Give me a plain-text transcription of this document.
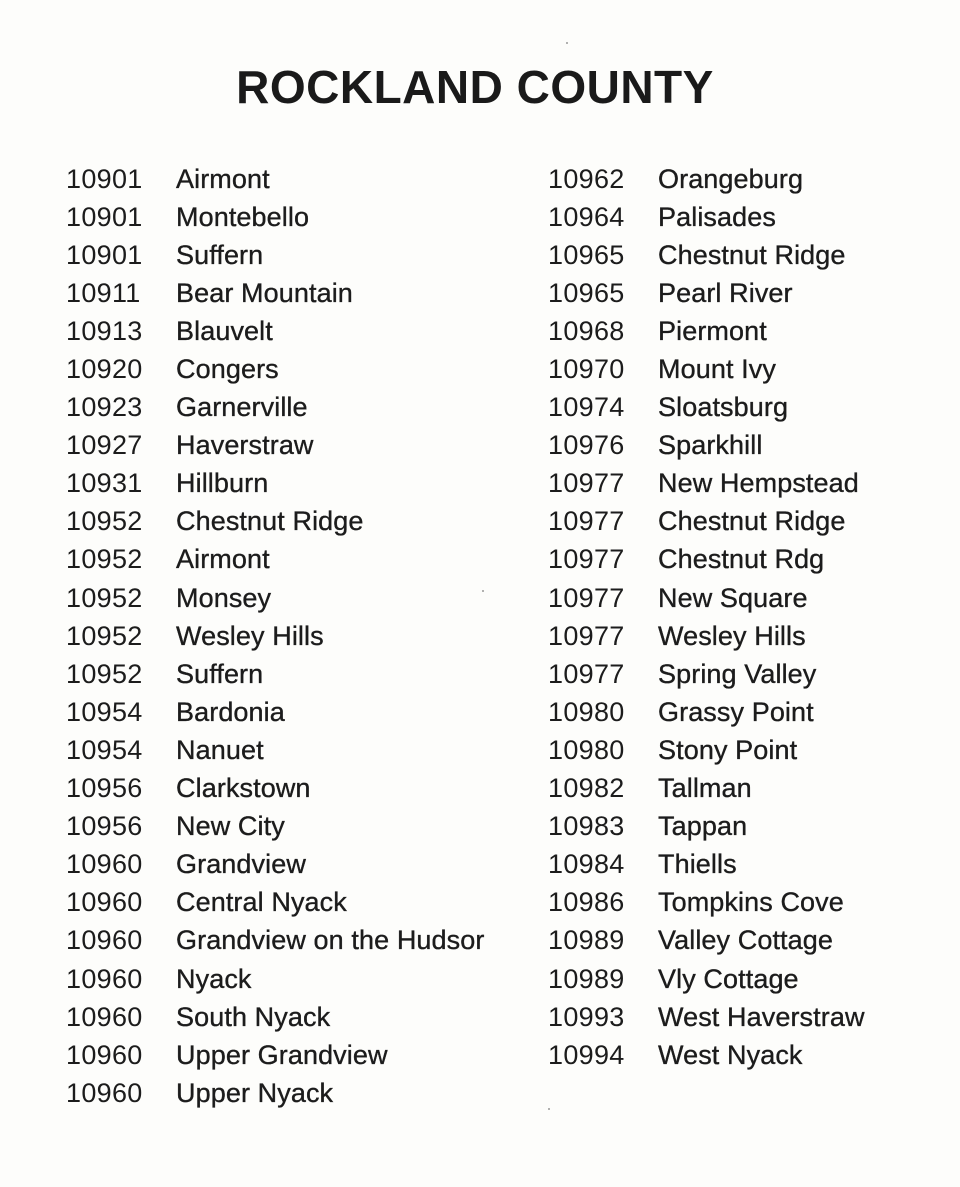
ROCKLAND COUNTY
10901	Airmont
10901	Montebello
10901	Suffern
10911	Bear Mountain
10913	Blauvelt
10920	Congers
10923	Garnerville
10927	Haverstraw
10931	Hillburn
10952	Chestnut Ridge
10952	Airmont
10952	Monsey
10952	Wesley Hills
10952	Suffern
10954	Bardonia
10954	Nanuet
10956	Clarkstown
10956	New City
10960	Grandview
10960	Central Nyack
10960	Grandview on the Hudsor
10960	Nyack
10960	South Nyack
10960	Upper Grandview
10960	Upper Nyack
10962	Orangeburg
10964	Palisades
10965	Chestnut Ridge
10965	Pearl River
10968	Piermont
10970	Mount Ivy
10974	Sloatsburg
10976	Sparkhill
10977	New Hempstead
10977	Chestnut Ridge
10977	Chestnut Rdg
10977	New Square
10977	Wesley Hills
10977	Spring Valley
10980	Grassy Point
10980	Stony Point
10982	Tallman
10983	Tappan
10984	Thiells
10986	Tompkins Cove
10989	Valley Cottage
10989	Vly Cottage
10993	West Haverstraw
10994	West Nyack
